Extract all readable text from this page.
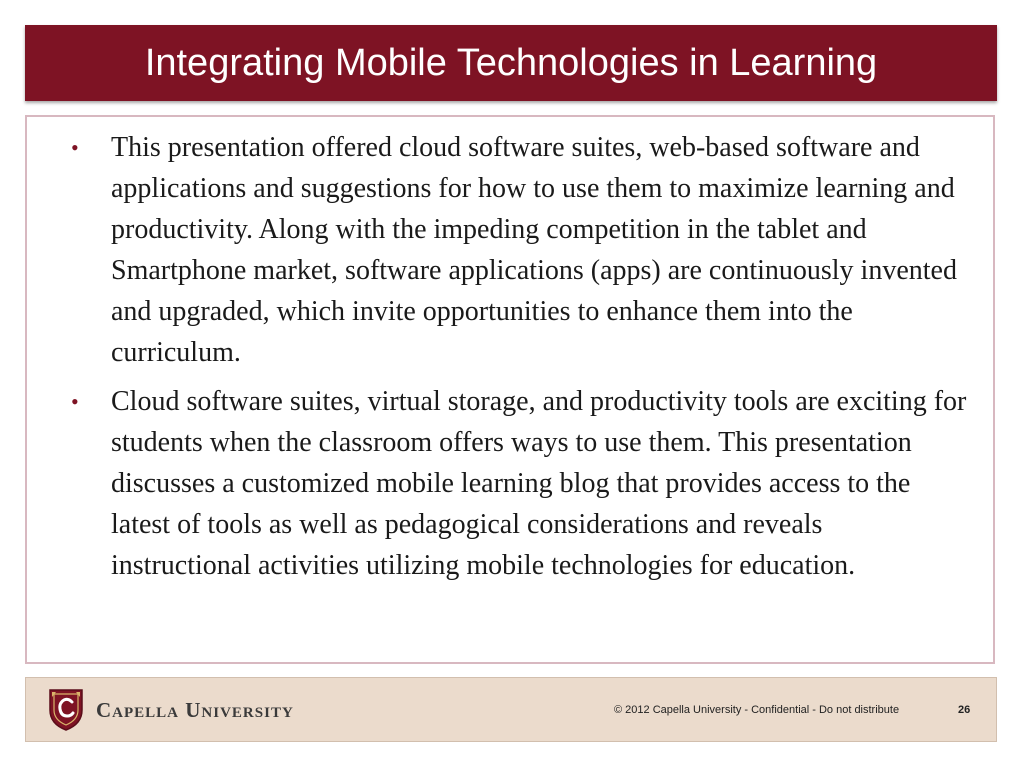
Integrating Mobile Technologies in Learning
• This presentation offered cloud software suites, web-based software and applications and suggestions for how to use them to maximize learning and productivity. Along with the impeding competition in the tablet and Smartphone market, software applications (apps) are continuously invented and upgraded, which invite opportunities to enhance them into the curriculum.
• Cloud software suites, virtual storage, and productivity tools are exciting for students when the classroom offers ways to use them. This presentation discusses a customized mobile learning blog that provides access to the latest of tools as well as pedagogical considerations and reveals instructional activities utilizing mobile technologies for education.
Capella University	© 2012 Capella University - Confidential - Do not distribute	26
